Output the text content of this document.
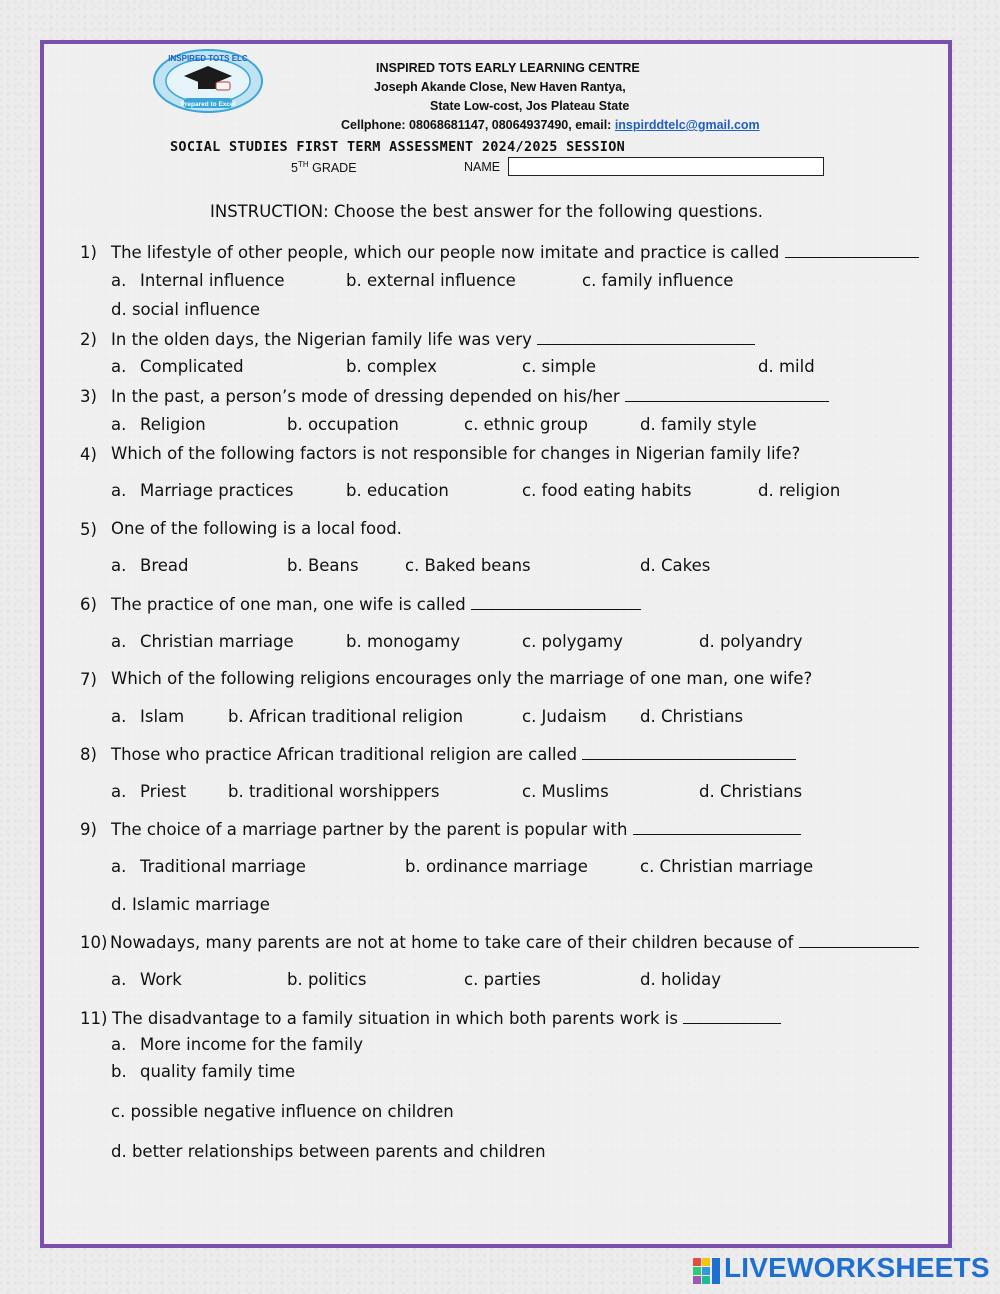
INSPIRED TOTS ELC
Prepared to Excel
INSPIRED TOTS EARLY LEARNING CENTRE
Joseph Akande Close, New Haven Rantya,
State Low-cost, Jos Plateau State
Cellphone: 08068681147, 08064937490, email: inspirddtelc@gmail.com
SOCIAL STUDIES FIRST TERM ASSESSMENT 2024/2025 SESSION
5TH GRADE	NAME
INSTRUCTION: Choose the best answer for the following questions.
1) The lifestyle of other people, which our people now imitate and practice is called
a. Internal influence	b. external influence	c. family influence
d. social influence
2) In the olden days, the Nigerian family life was very
a. Complicated	b. complex	c. simple	d. mild
3) In the past, a person’s mode of dressing depended on his/her
a. Religion	b. occupation	c. ethnic group	d. family style
4) Which of the following factors is not responsible for changes in Nigerian family life?
a. Marriage practices	b. education	c. food eating habits	d. religion
5) One of the following is a local food.
a. Bread	b. Beans	c. Baked beans	d. Cakes
6) The practice of one man, one wife is called
a. Christian marriage	b. monogamy	c. polygamy	d. polyandry
7) Which of the following religions encourages only the marriage of one man, one wife?
a. Islam	b. African traditional religion	c. Judaism d. Christians
8) Those who practice African traditional religion are called
a. Priest	b. traditional worshippers	c. Muslims	d. Christians
9) The choice of a marriage partner by the parent is popular with
a. Traditional marriage	b. ordinance marriage	c. Christian marriage
d. Islamic marriage
10) Nowadays, many parents are not at home to take care of their children because of
a. Work	b. politics	c. parties	d. holiday
11) The disadvantage to a family situation in which both parents work is
a. More income for the family
b. quality family time
c. possible negative influence on children
d. better relationships between parents and children
LIVEWORKSHEETS
